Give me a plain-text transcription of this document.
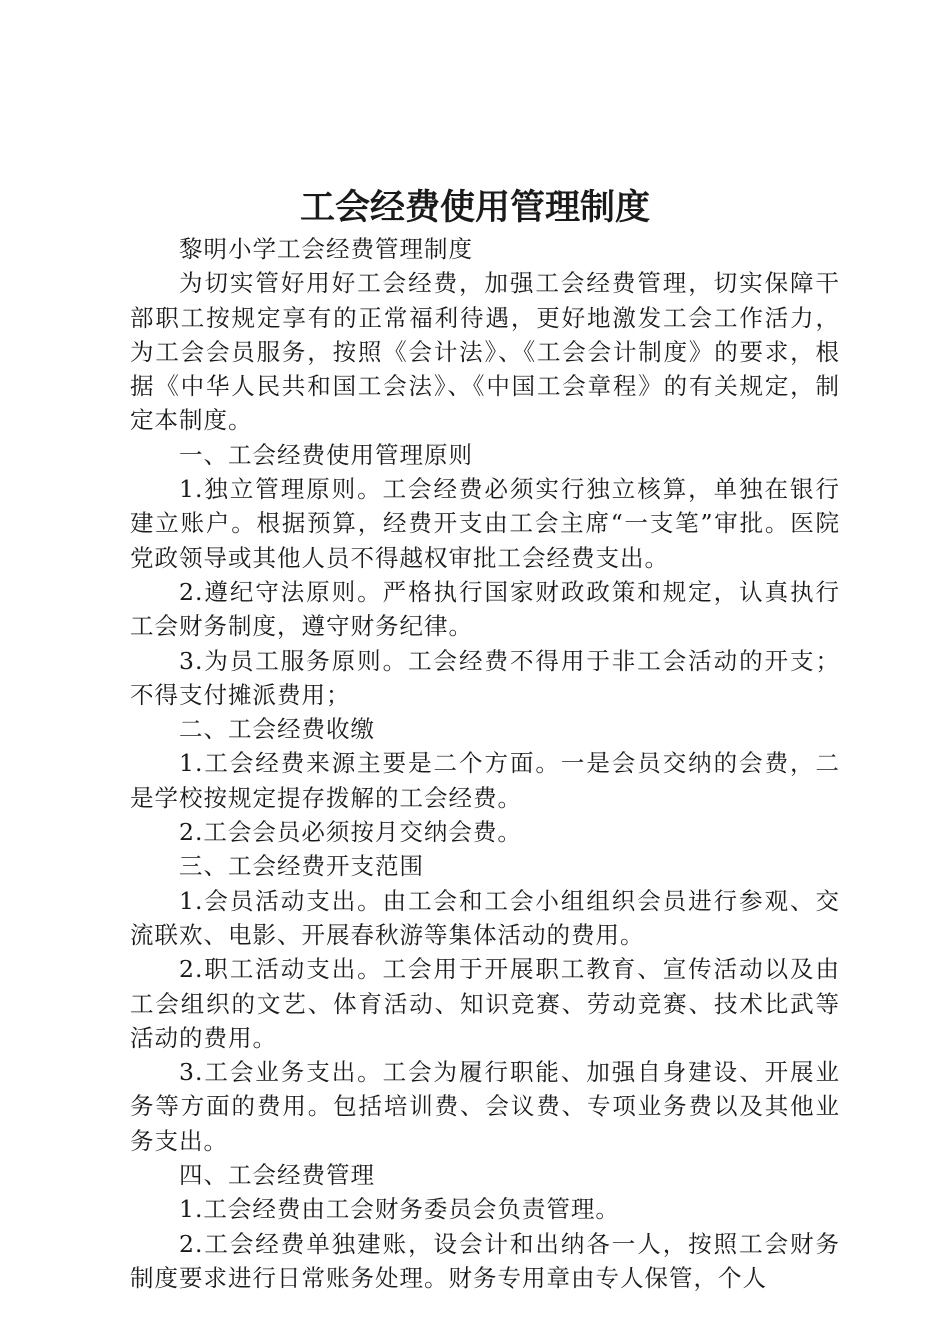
工会经费使用管理制度

黎明小学工会经费管理制度

为切实管好用好工会经费，加强工会经费管理，切实保障干部职工按规定享有的正常福利待遇，更好地激发工会工作活力，为工会会员服务，按照《会计法》、《工会会计制度》的要求，根据《中华人民共和国工会法》、《中国工会章程》的有关规定，制定本制度。

一、工会经费使用管理原则

1.独立管理原则。工会经费必须实行独立核算，单独在银行建立账户。根据预算，经费开支由工会主席“一支笔”审批。医院党政领导或其他人员不得越权审批工会经费支出。

2.遵纪守法原则。严格执行国家财政政策和规定，认真执行工会财务制度，遵守财务纪律。

3.为员工服务原则。工会经费不得用于非工会活动的开支；不得支付摊派费用；

二、工会经费收缴

1.工会经费来源主要是二个方面。一是会员交纳的会费，二是学校按规定提存拨解的工会经费。

2.工会会员必须按月交纳会费。

三、工会经费开支范围

1.会员活动支出。由工会和工会小组组织会员进行参观、交流联欢、电影、开展春秋游等集体活动的费用。

2.职工活动支出。工会用于开展职工教育、宣传活动以及由工会组织的文艺、体育活动、知识竞赛、劳动竞赛、技术比武等活动的费用。

3.工会业务支出。工会为履行职能、加强自身建设、开展业务等方面的费用。包括培训费、会议费、专项业务费以及其他业务支出。

四、工会经费管理

1.工会经费由工会财务委员会负责管理。

2.工会经费单独建账，设会计和出纳各一人，按照工会财务制度要求进行日常账务处理。财务专用章由专人保管，个人
